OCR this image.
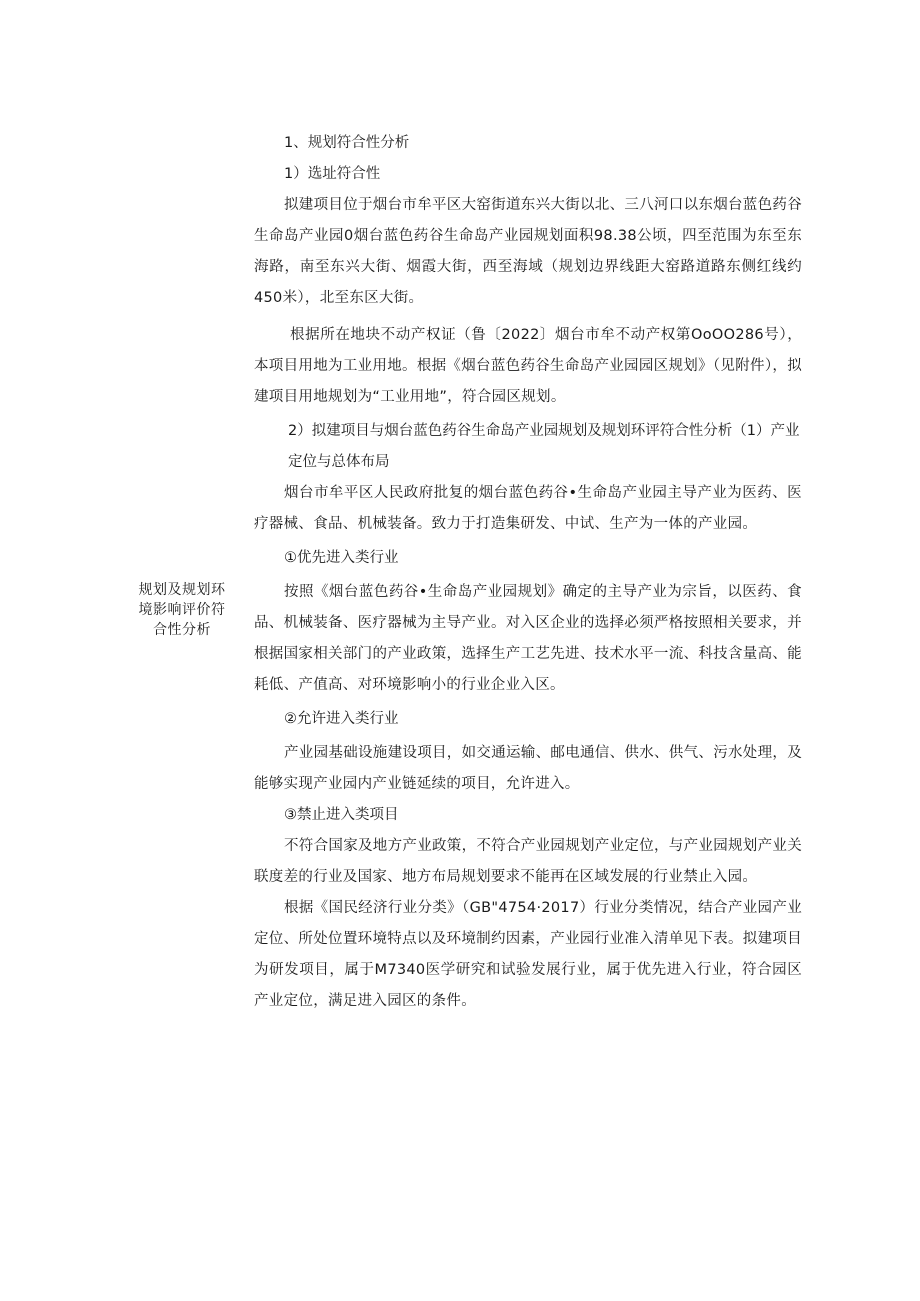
规划及规划环境影响评价符合性分析

1、规划符合性分析

1）选址符合性

拟建项目位于烟台市牟平区大窑街道东兴大街以北、三八河口以东烟台蓝色药谷生命岛产业园0烟台蓝色药谷生命岛产业园规划面积98.38公顷，四至范围为东至东海路，南至东兴大街、烟霞大街，西至海域（规划边界线距大窑路道路东侧红线约450米），北至东区大街。

根据所在地块不动产权证（鲁〔2022〕烟台市牟不动产权第OoOO286号），本项目用地为工业用地。根据《烟台蓝色药谷生命岛产业园园区规划》（见附件），拟建项目用地规划为“工业用地”，符合园区规划。

2）拟建项目与烟台蓝色药谷生命岛产业园规划及规划环评符合性分析（1）产业定位与总体布局

烟台市牟平区人民政府批复的烟台蓝色药谷•生命岛产业园主导产业为医药、医疗器械、食品、机械装备。致力于打造集研发、中试、生产为一体的产业园。

①优先进入类行业

按照《烟台蓝色药谷•生命岛产业园规划》确定的主导产业为宗旨，以医药、食品、机械装备、医疗器械为主导产业。对入区企业的选择必须严格按照相关要求，并根据国家相关部门的产业政策，选择生产工艺先进、技术水平一流、科技含量高、能耗低、产值高、对环境影响小的行业企业入区。

②允许进入类行业

产业园基础设施建设项目，如交通运输、邮电通信、供水、供气、污水处理，及能够实现产业园内产业链延续的项目，允许进入。

③禁止进入类项目

不符合国家及地方产业政策，不符合产业园规划产业定位，与产业园规划产业关联度差的行业及国家、地方布局规划要求不能再在区域发展的行业禁止入园。

根据《国民经济行业分类》（GB"4754·2017）行业分类情况，结合产业园产业定位、所处位置环境特点以及环境制约因素，产业园行业准入清单见下表。拟建项目为研发项目，属于M7340医学研究和试验发展行业，属于优先进入行业，符合园区产业定位，满足进入园区的条件。
